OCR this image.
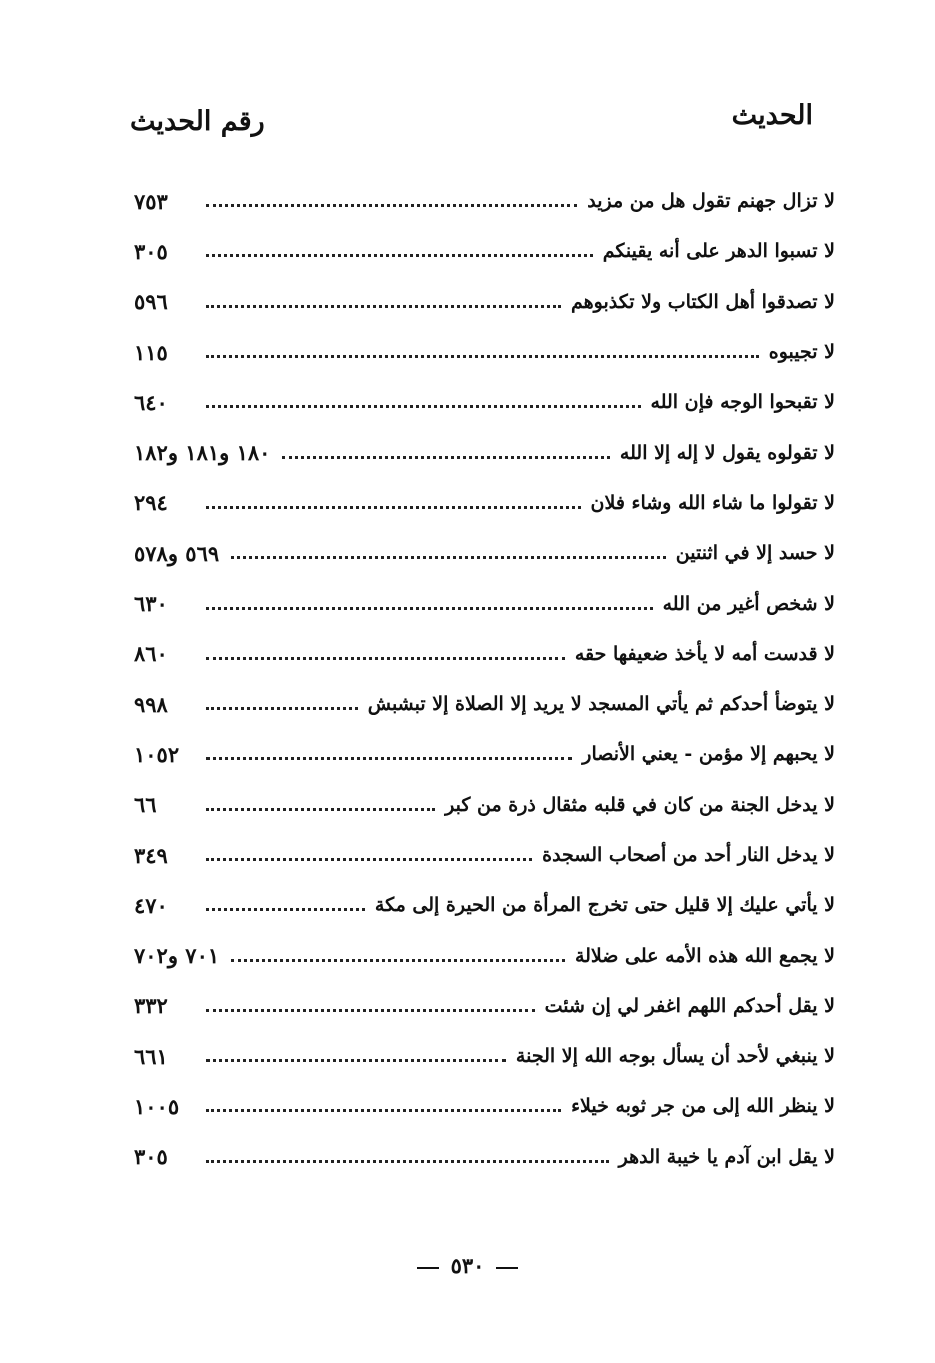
الحديث
رقم الحديث
لا تزال جهنم تقول هل من مزيد
٧٥٣
لا تسبوا الدهر على أنه يقينكم
٣٠٥
لا تصدقوا أهل الكتاب ولا تكذبوهم
٥٩٦
لا تجيبوه
١١٥
لا تقبحوا الوجه فإن الله
٦٤٠
لا تقولوه يقول لا إله إلا الله
١٨٠ و١٨١ و١٨٢
لا تقولوا ما شاء الله وشاء فلان
٢٩٤
لا حسد إلا في اثنتين
٥٦٩ و٥٧٨
لا شخص أغير من الله
٦٣٠
لا قدست أمه لا يأخذ ضعيفها حقه
٨٦٠
لا يتوضأ أحدكم ثم يأتي المسجد لا يريد إلا الصلاة إلا تبشبش
٩٩٨
لا يحبهم إلا مؤمن - يعني الأنصار
١٠٥٢
لا يدخل الجنة من كان في قلبه مثقال ذرة من كبر
٦٦
لا يدخل النار أحد من أصحاب السجدة
٣٤٩
لا يأتي عليك إلا قليل حتى تخرج المرأة من الحيرة إلى مكة
٤٧٠
لا يجمع الله هذه الأمه على ضلالة
٧٠١ و٧٠٢
لا يقل أحدكم اللهم اغفر لي إن شئت
٣٣٢
لا ينبغي لأحد أن يسأل بوجه الله إلا الجنة
٦٦١
لا ينظر الله إلى من جر ثوبه خيلاء
١٠٠٥
لا يقل ابن آدم يا خيبة الدهر
٣٠٥
٥٣٠
